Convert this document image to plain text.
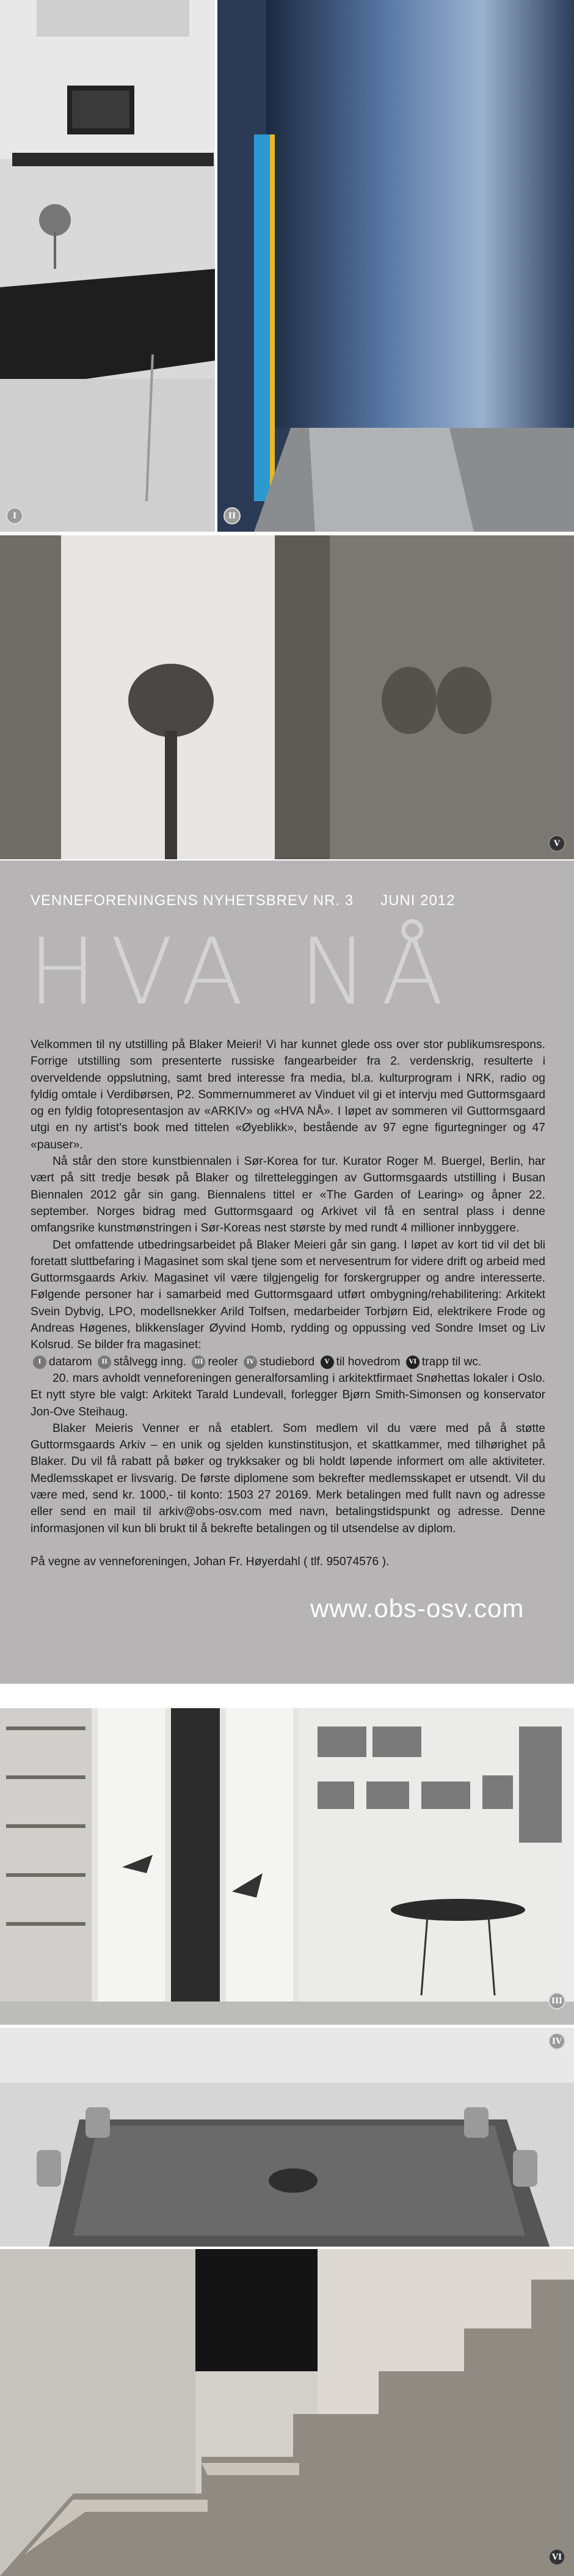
I	II
V
VENNEFORENINGENS NYHETSBREV NR. 3 JUNI 2012
HVA NÅ

Velkommen til ny utstilling på Blaker Meieri! Vi har kunnet glede oss over stor publikumsrespons. Forrige utstilling som presenterte russiske fangearbeider fra 2. verdenskrig, resulterte i overveldende oppslutning, samt bred interesse fra media, bl.a. kulturprogram i NRK, radio og fyldig omtale i Verdibørsen, P2. Sommernummeret av Vinduet vil gi et intervju med Guttormsgaard og en fyldig fotopresentasjon av «ARKIV» og «HVA NÅ». I løpet av sommeren vil Guttormsgaard utgi en ny artist’s book med tittelen «Øyeblikk», bestående av 97 egne figurtegninger og 47 «pauser».

Nå står den store kunstbiennalen i Sør-Korea for tur. Kurator Roger M. Buergel, Berlin, har vært på sitt tredje besøk på Blaker og tilretteleggingen av Guttormsgaards utstilling i Busan Biennalen 2012 går sin gang. Biennalens tittel er «The Garden of Learing» og åpner 22. september. Norges bidrag med Guttormsgaard og Arkivet vil få en sentral plass i denne omfangsrike kunstmønstringen i Sør-Koreas nest største by med rundt 4 millioner innbyggere.

Det omfattende utbedringsarbeidet på Blaker Meieri går sin gang. I løpet av kort tid vil det bli foretatt sluttbefaring i Magasinet som skal tjene som et nervesentrum for videre drift og arbeid med Guttormsgaards Arkiv. Magasinet vil være tilgjengelig for forskergrupper og andre interesserte. Følgende personer har i samarbeid med Guttormsgaard utført ombygning/rehabilitering: Arkitekt Svein Dybvig, LPO, modellsnekker Arild Tolfsen, medarbeider Torbjørn Eid, elektrikere Frode og Andreas Høgenes, blikkenslager Øyvind Homb, rydding og oppussing ved Sondre Imset og Liv Kolsrud. Se bilder fra magasinet:

I datarom II stålvegg inng. III reoler IV studiebord V til hovedrom VI trapp til wc.

20. mars avholdt venneforeningen generalforsamling i arkitektfirmaet Snøhettas lokaler i Oslo. Et nytt styre ble valgt: Arkitekt Tarald Lundevall, forlegger Bjørn Smith-Simonsen og konservator Jon-Ove Steihaug.

Blaker Meieris Venner er nå etablert. Som medlem vil du være med på å støtte Guttormsgaards Arkiv – en unik og sjelden kunstinstitusjon, et skattkammer, med tilhørighet på Blaker. Du vil få rabatt på bøker og trykksaker og bli holdt løpende informert om alle aktiviteter. Medlemsskapet er livsvarig. De første diplomene som bekrefter medlemsskapet er utsendt. Vil du være med, send kr. 1000,- til konto: 1503 27 20169. Merk betalingen med fullt navn og adresse eller send en mail til arkiv@obs-osv.com med navn, betalingstidspunkt og adresse. Denne informasjonen vil kun bli brukt til å bekrefte betalingen og til utsendelse av diplom.

På vegne av venneforeningen, Johan Fr. Høyerdahl ( tlf. 95074576 ).

www.obs-osv.com
III
IV
VI
